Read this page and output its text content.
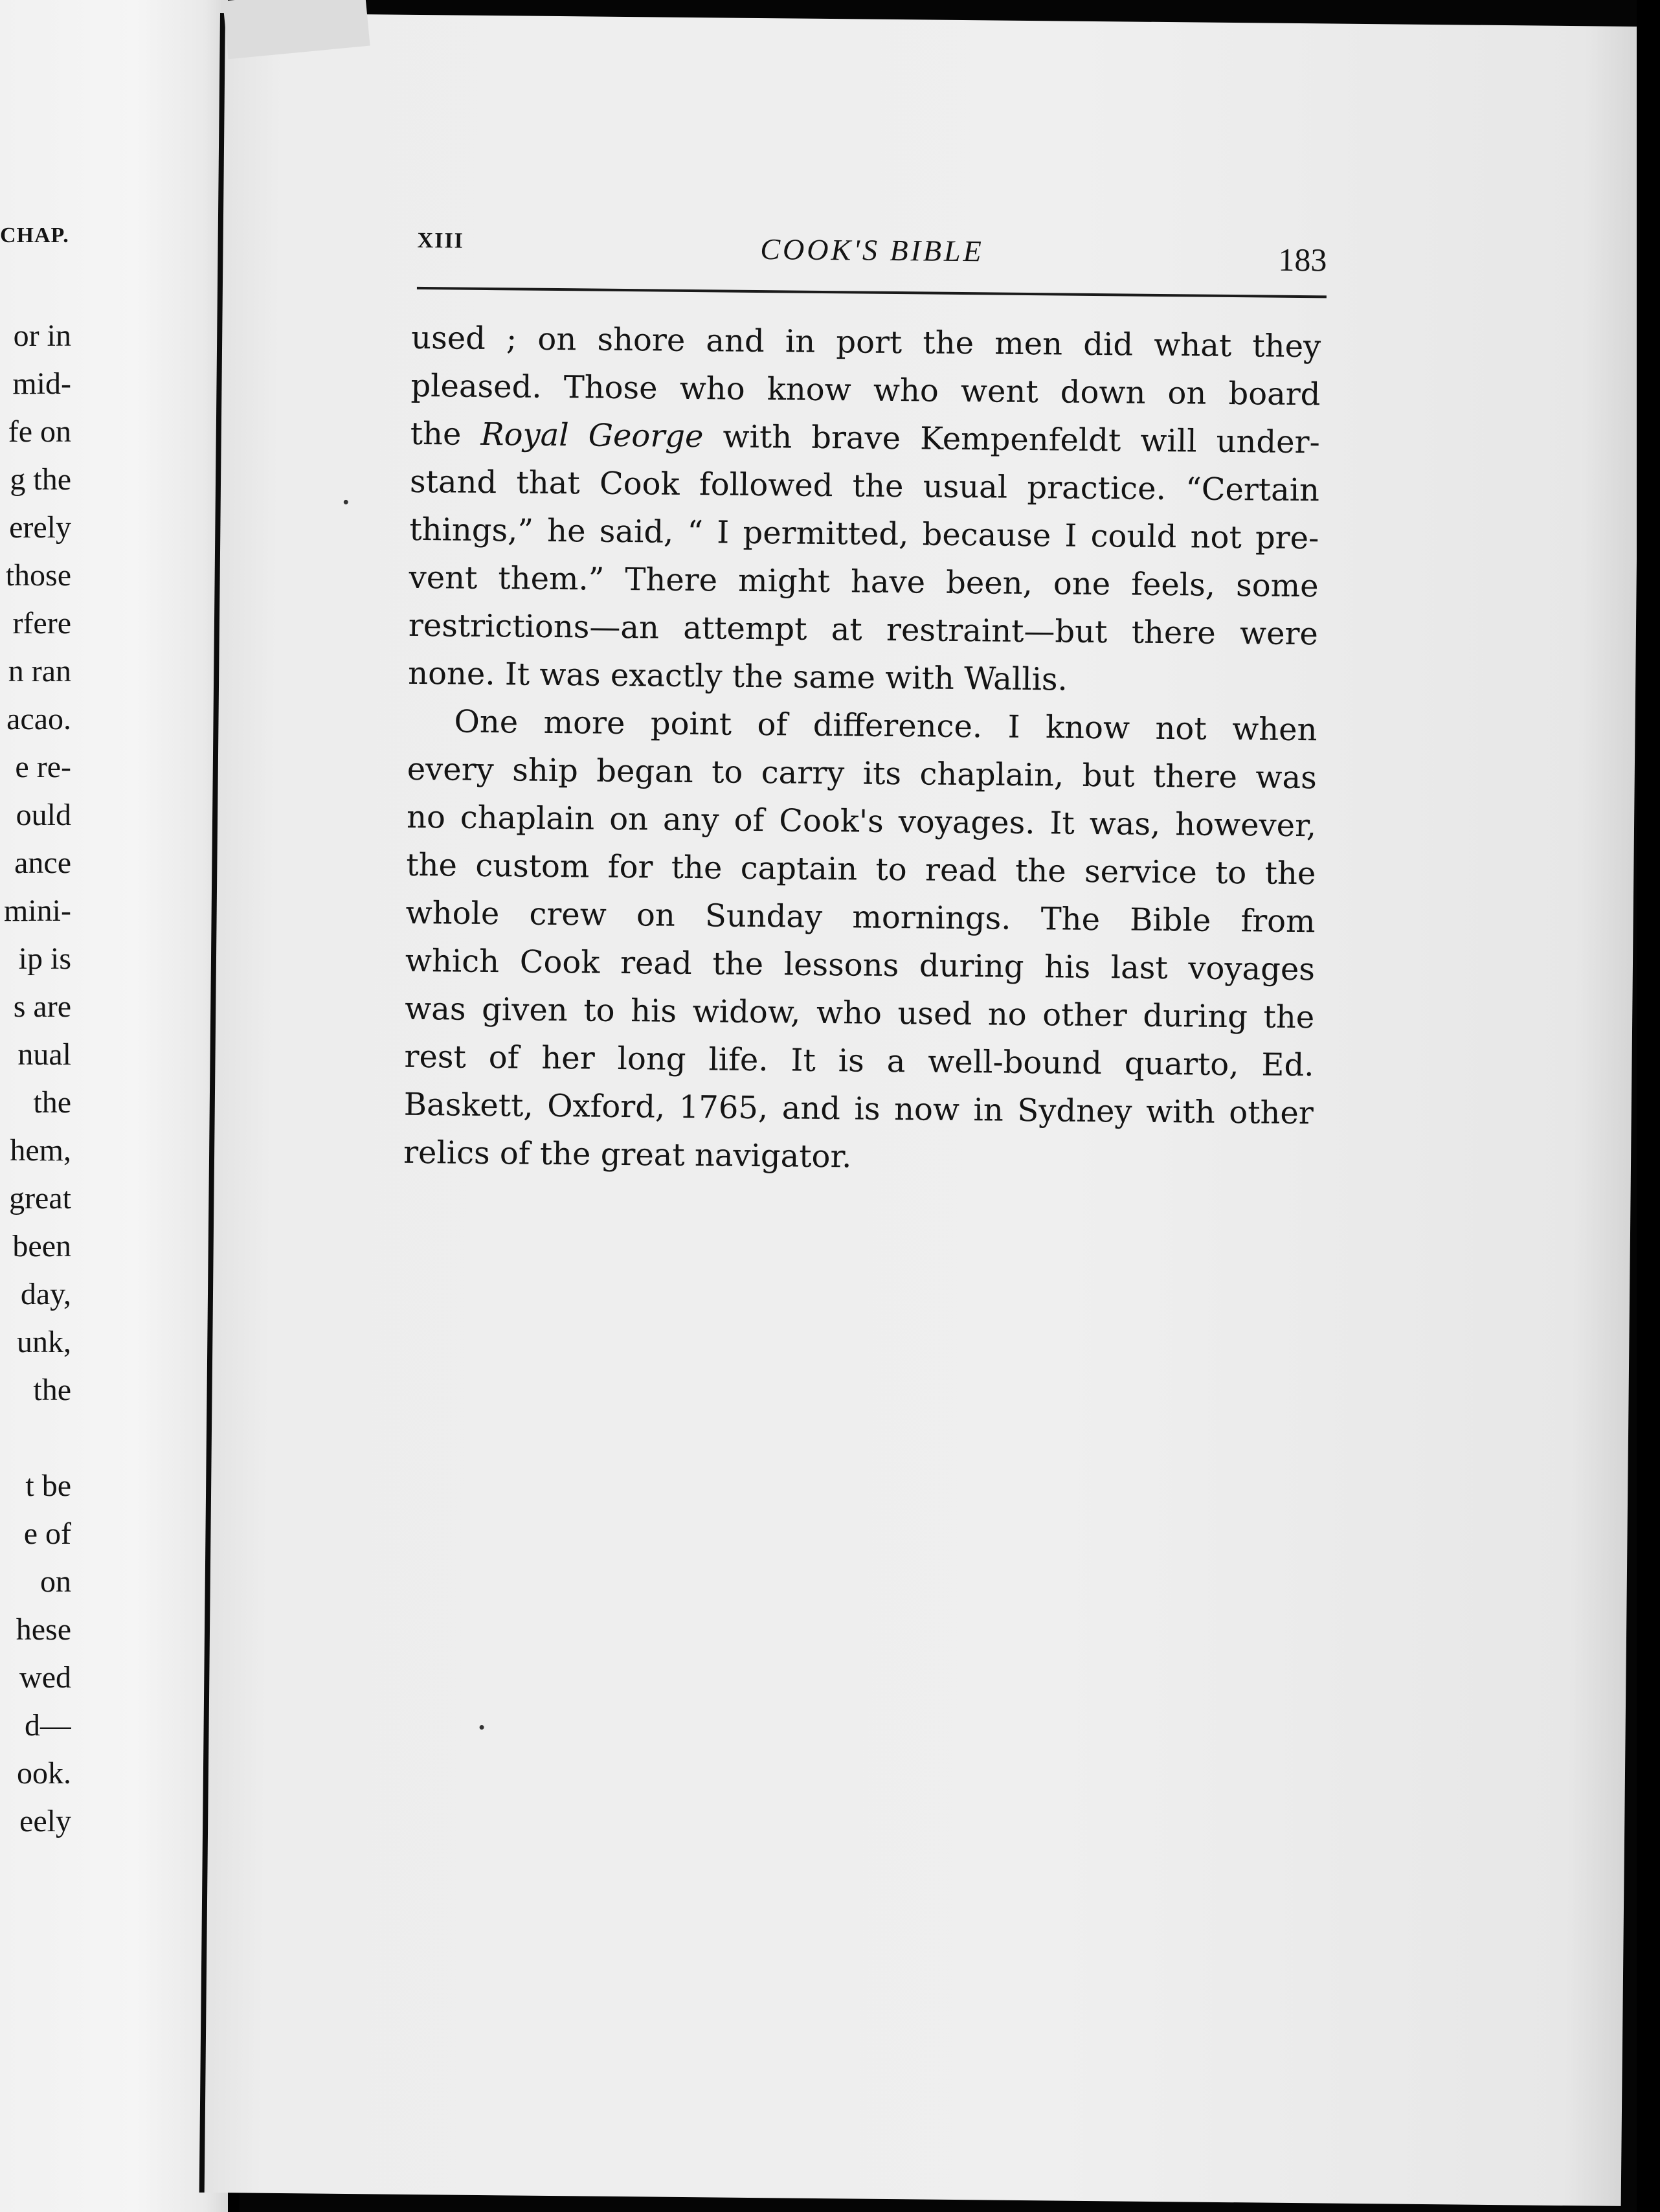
CHAP.
or in
mid-
fe on
g the
erely
those
rfere
n ran
acao.
e re-
ould
ance
mini-
ip is
s are
nual
the
hem,
great
been
day,
unk,
the
t be
e of
on
hese
wed
d—
ook.
eely
XIII	COOK'S BIBLE	183
used ; on shore and in port the men did what they
pleased. Those who know who went down on board
the Royal George with brave Kempenfeldt will under-
stand that Cook followed the usual practice. “Certain
things,” he said, “ I permitted, because I could not pre-
vent them.” There might have been, one feels, some
restrictions—an attempt at restraint—but there were
none. It was exactly the same with Wallis.
One more point of difference. I know not when
every ship began to carry its chaplain, but there was
no chaplain on any of Cook's voyages. It was, however,
the custom for the captain to read the service to the
whole crew on Sunday mornings. The Bible from
which Cook read the lessons during his last voyages
was given to his widow, who used no other during the
rest of her long life. It is a well-bound quarto, Ed.
Baskett, Oxford, 1765, and is now in Sydney with other
relics of the great navigator.
